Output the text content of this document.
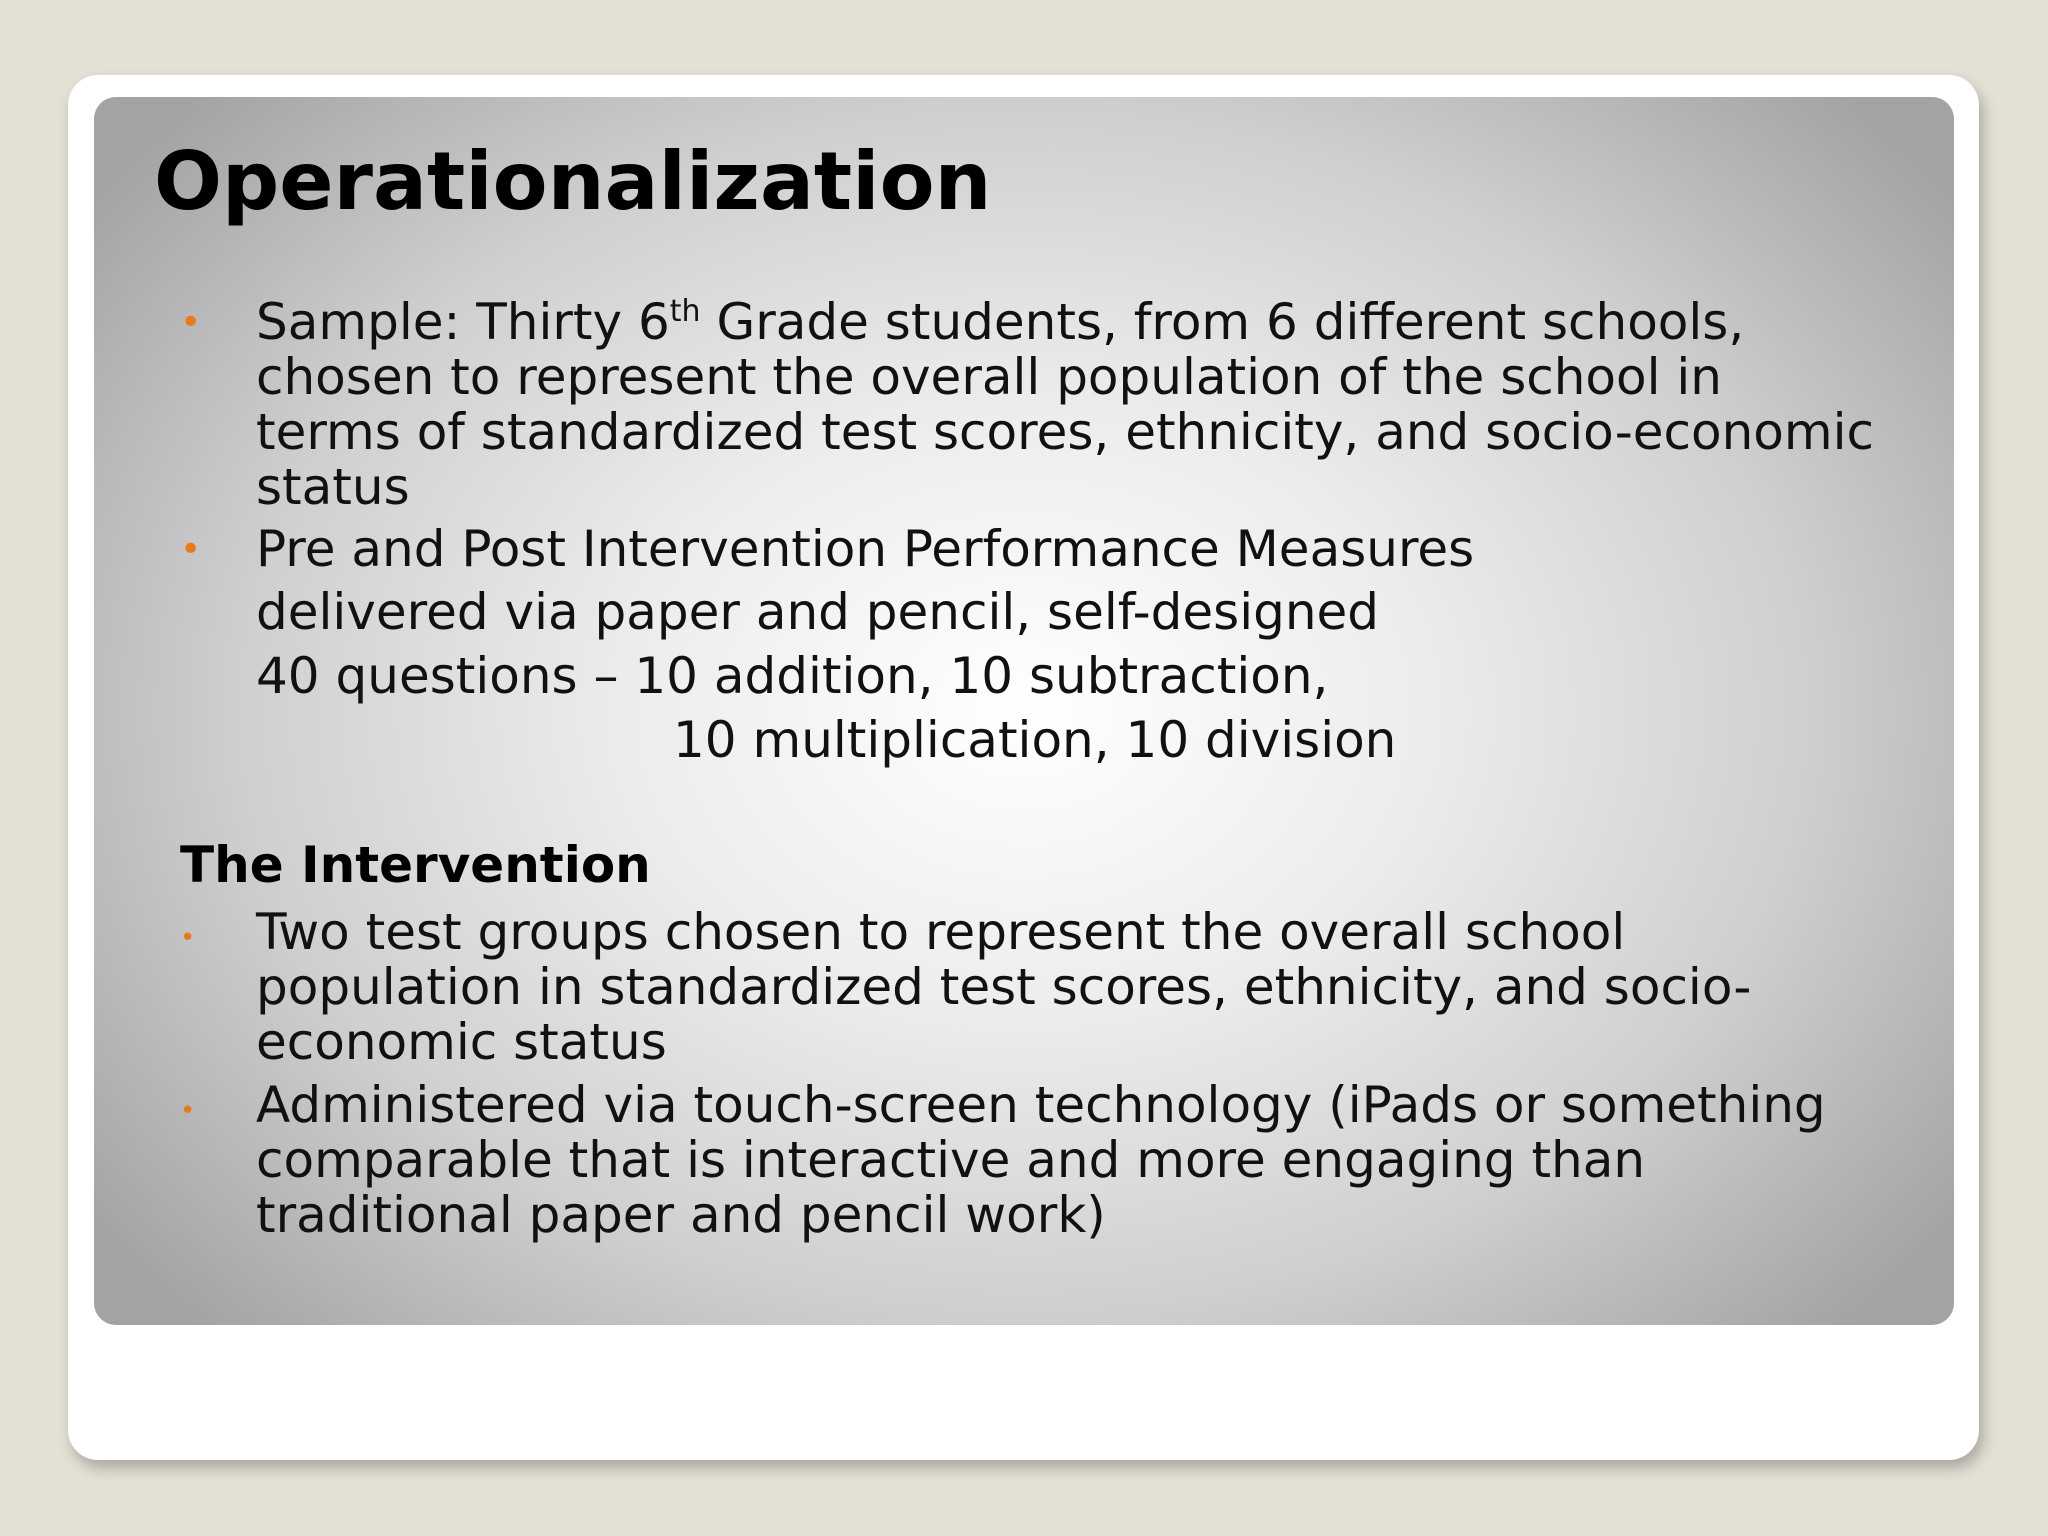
Operationalization
• Sample: Thirty 6th Grade students, from 6 different schools,
chosen to represent the overall population of the school in
terms of standardized test scores, ethnicity, and socio-economic
status
• Pre and Post Intervention Performance Measures
delivered via paper and pencil, self-designed
40 questions – 10 addition, 10 subtraction,
10 multiplication, 10 division
The Intervention
• Two test groups chosen to represent the overall school
population in standardized test scores, ethnicity, and socio-
economic status
• Administered via touch-screen technology (iPads or something
comparable that is interactive and more engaging than
traditional paper and pencil work)
